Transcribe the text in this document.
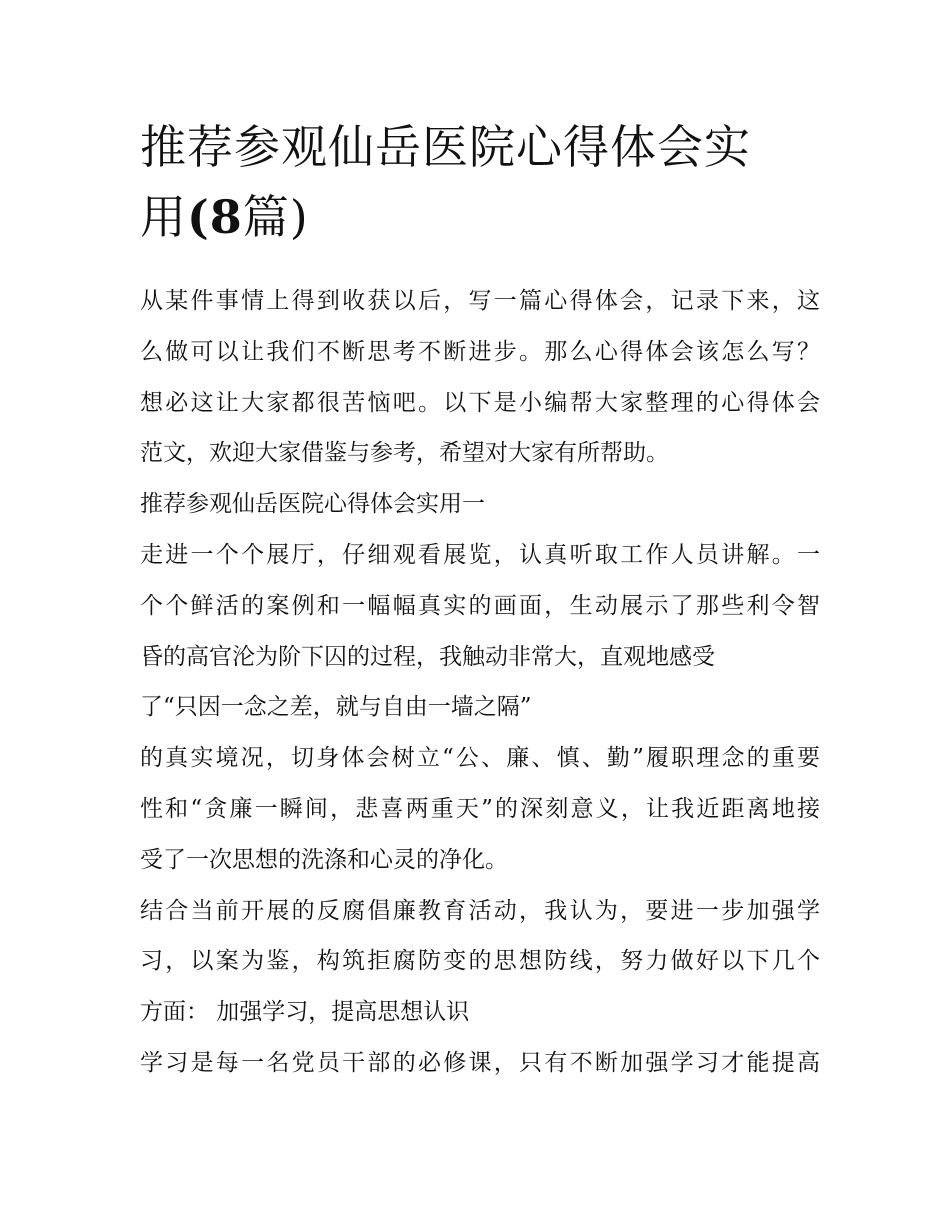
推荐参观仙岳医院心得体会实
用(8篇)

从某件事情上得到收获以后，写一篇心得体会，记录下来，这

么做可以让我们不断思考不断进步。那么心得体会该怎么写？

想必这让大家都很苦恼吧。以下是小编帮大家整理的心得体会

范文，欢迎大家借鉴与参考，希望对大家有所帮助。

推荐参观仙岳医院心得体会实用一

走进一个个展厅，仔细观看展览，认真听取工作人员讲解。一

个个鲜活的案例和一幅幅真实的画面，生动展示了那些利令智

昏的高官沦为阶下囚的过程，我触动非常大，直观地感受

了“只因一念之差，就与自由一墙之隔”

的真实境况，切身体会树立“公、廉、慎、勤”履职理念的重要

性和“贪廉一瞬间，悲喜两重天”的深刻意义，让我近距离地接

受了一次思想的洗涤和心灵的净化。

结合当前开展的反腐倡廉教育活动，我认为，要进一步加强学

习，以案为鉴，构筑拒腐防变的思想防线，努力做好以下几个

方面： 加强学习，提高思想认识

学习是每一名党员干部的必修课，只有不断加强学习才能提高
